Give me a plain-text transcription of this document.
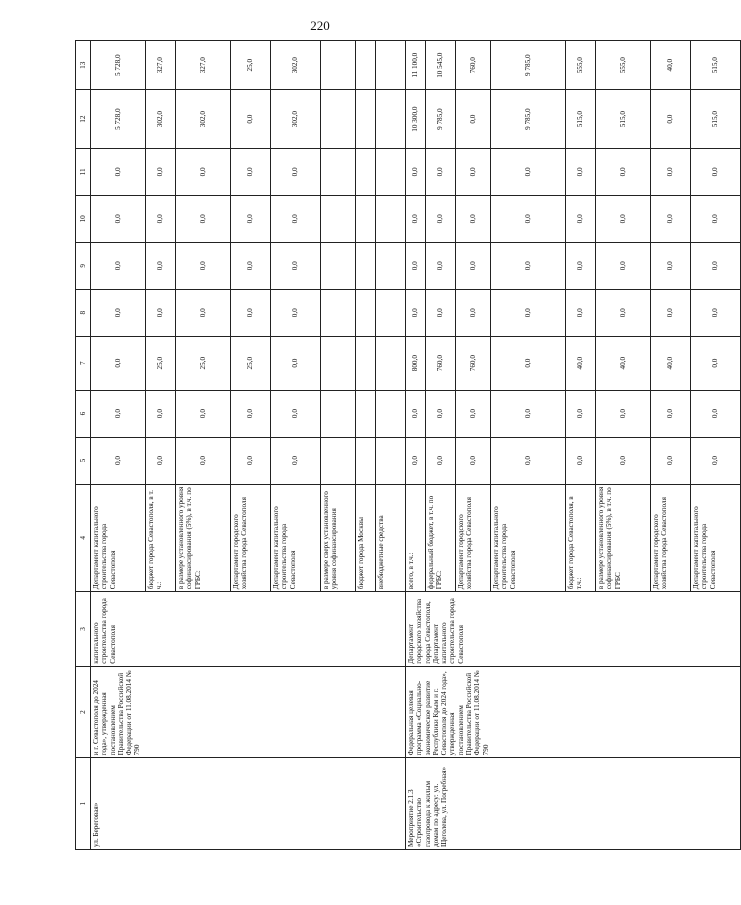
220
1	2	3	4	5	6	7	8	9	10	11	12	13
ул. Береговая»	и г. Севастополя до 2024 года», утвержденная постановлением Правительства Российской Федерации от 11.08.2014 № 790	капитального строительства города Севастополя	Департамент капитального строительства города Севастополя	0,0	0,0	0,0	0,0	0,0	0,0	0,0	5 728,0	5 728,0
			бюджет города Севастополя, в т. ч.:	0,0	0,0	25,0	0,0	0,0	0,0	0,0	302,0	327,0
			в размере установленного уровня софинансирования (5%), в т.ч. по ГРБС:	0,0	0,0	25,0	0,0	0,0	0,0	0,0	302,0	327,0
			Департамент городского хозяйства города Севастополя	0,0	0,0	25,0	0,0	0,0	0,0	0,0	0,0	25,0
			Департамент капитального строительства города Севастополя	0,0	0,0	0,0	0,0	0,0	0,0	0,0	302,0	302,0
			в размере сверх установленного уровня софинансирования									
			бюджет города Москвы									
			внебюджетные средства									
Мероприятие 2.1.3 «Строительство газопровода к жилым домам по адресу: ул. Щеголева, ул. Погребная»	Федеральная целевая программа «Социально-экономическое развитие Республики Крым и г. Севастополя до 2024 года», утвержденная постановлением Правительства Российской Федерации от 11.08.2014 № 790	Департамент городского хозяйства города Севастополя, Департамент капитального строительства города Севастополя	всего, в т.ч.:	0,0	0,0	800,0	0,0	0,0	0,0	0,0	10 300,0	11 100,0
			федеральный бюджет, в т.ч. по ГРБС:	0,0	0,0	760,0	0,0	0,0	0,0	0,0	9 785,0	10 545,0
			Департамент городского хозяйства города Севастополя	0,0	0,0	760,0	0,0	0,0	0,0	0,0	0,0	760,0
			Департамент капитального строительства города Севастополя	0,0	0,0	0,0	0,0	0,0	0,0	0,0	9 785,0	9 785,0
			бюджет города Севастополя, в т.ч.:	0,0	0,0	40,0	0,0	0,0	0,0	0,0	515,0	555,0
			в размере установленного уровня софинансирования (5%), в т.ч. по ГРБС	0,0	0,0	40,0	0,0	0,0	0,0	0,0	515,0	555,0
			Департамент городского хозяйства города Севастополя	0,0	0,0	40,0	0,0	0,0	0,0	0,0	0,0	40,0
			Департамент капитального строительства города Севастополя	0,0	0,0	0,0	0,0	0,0	0,0	0,0	515,0	515,0
